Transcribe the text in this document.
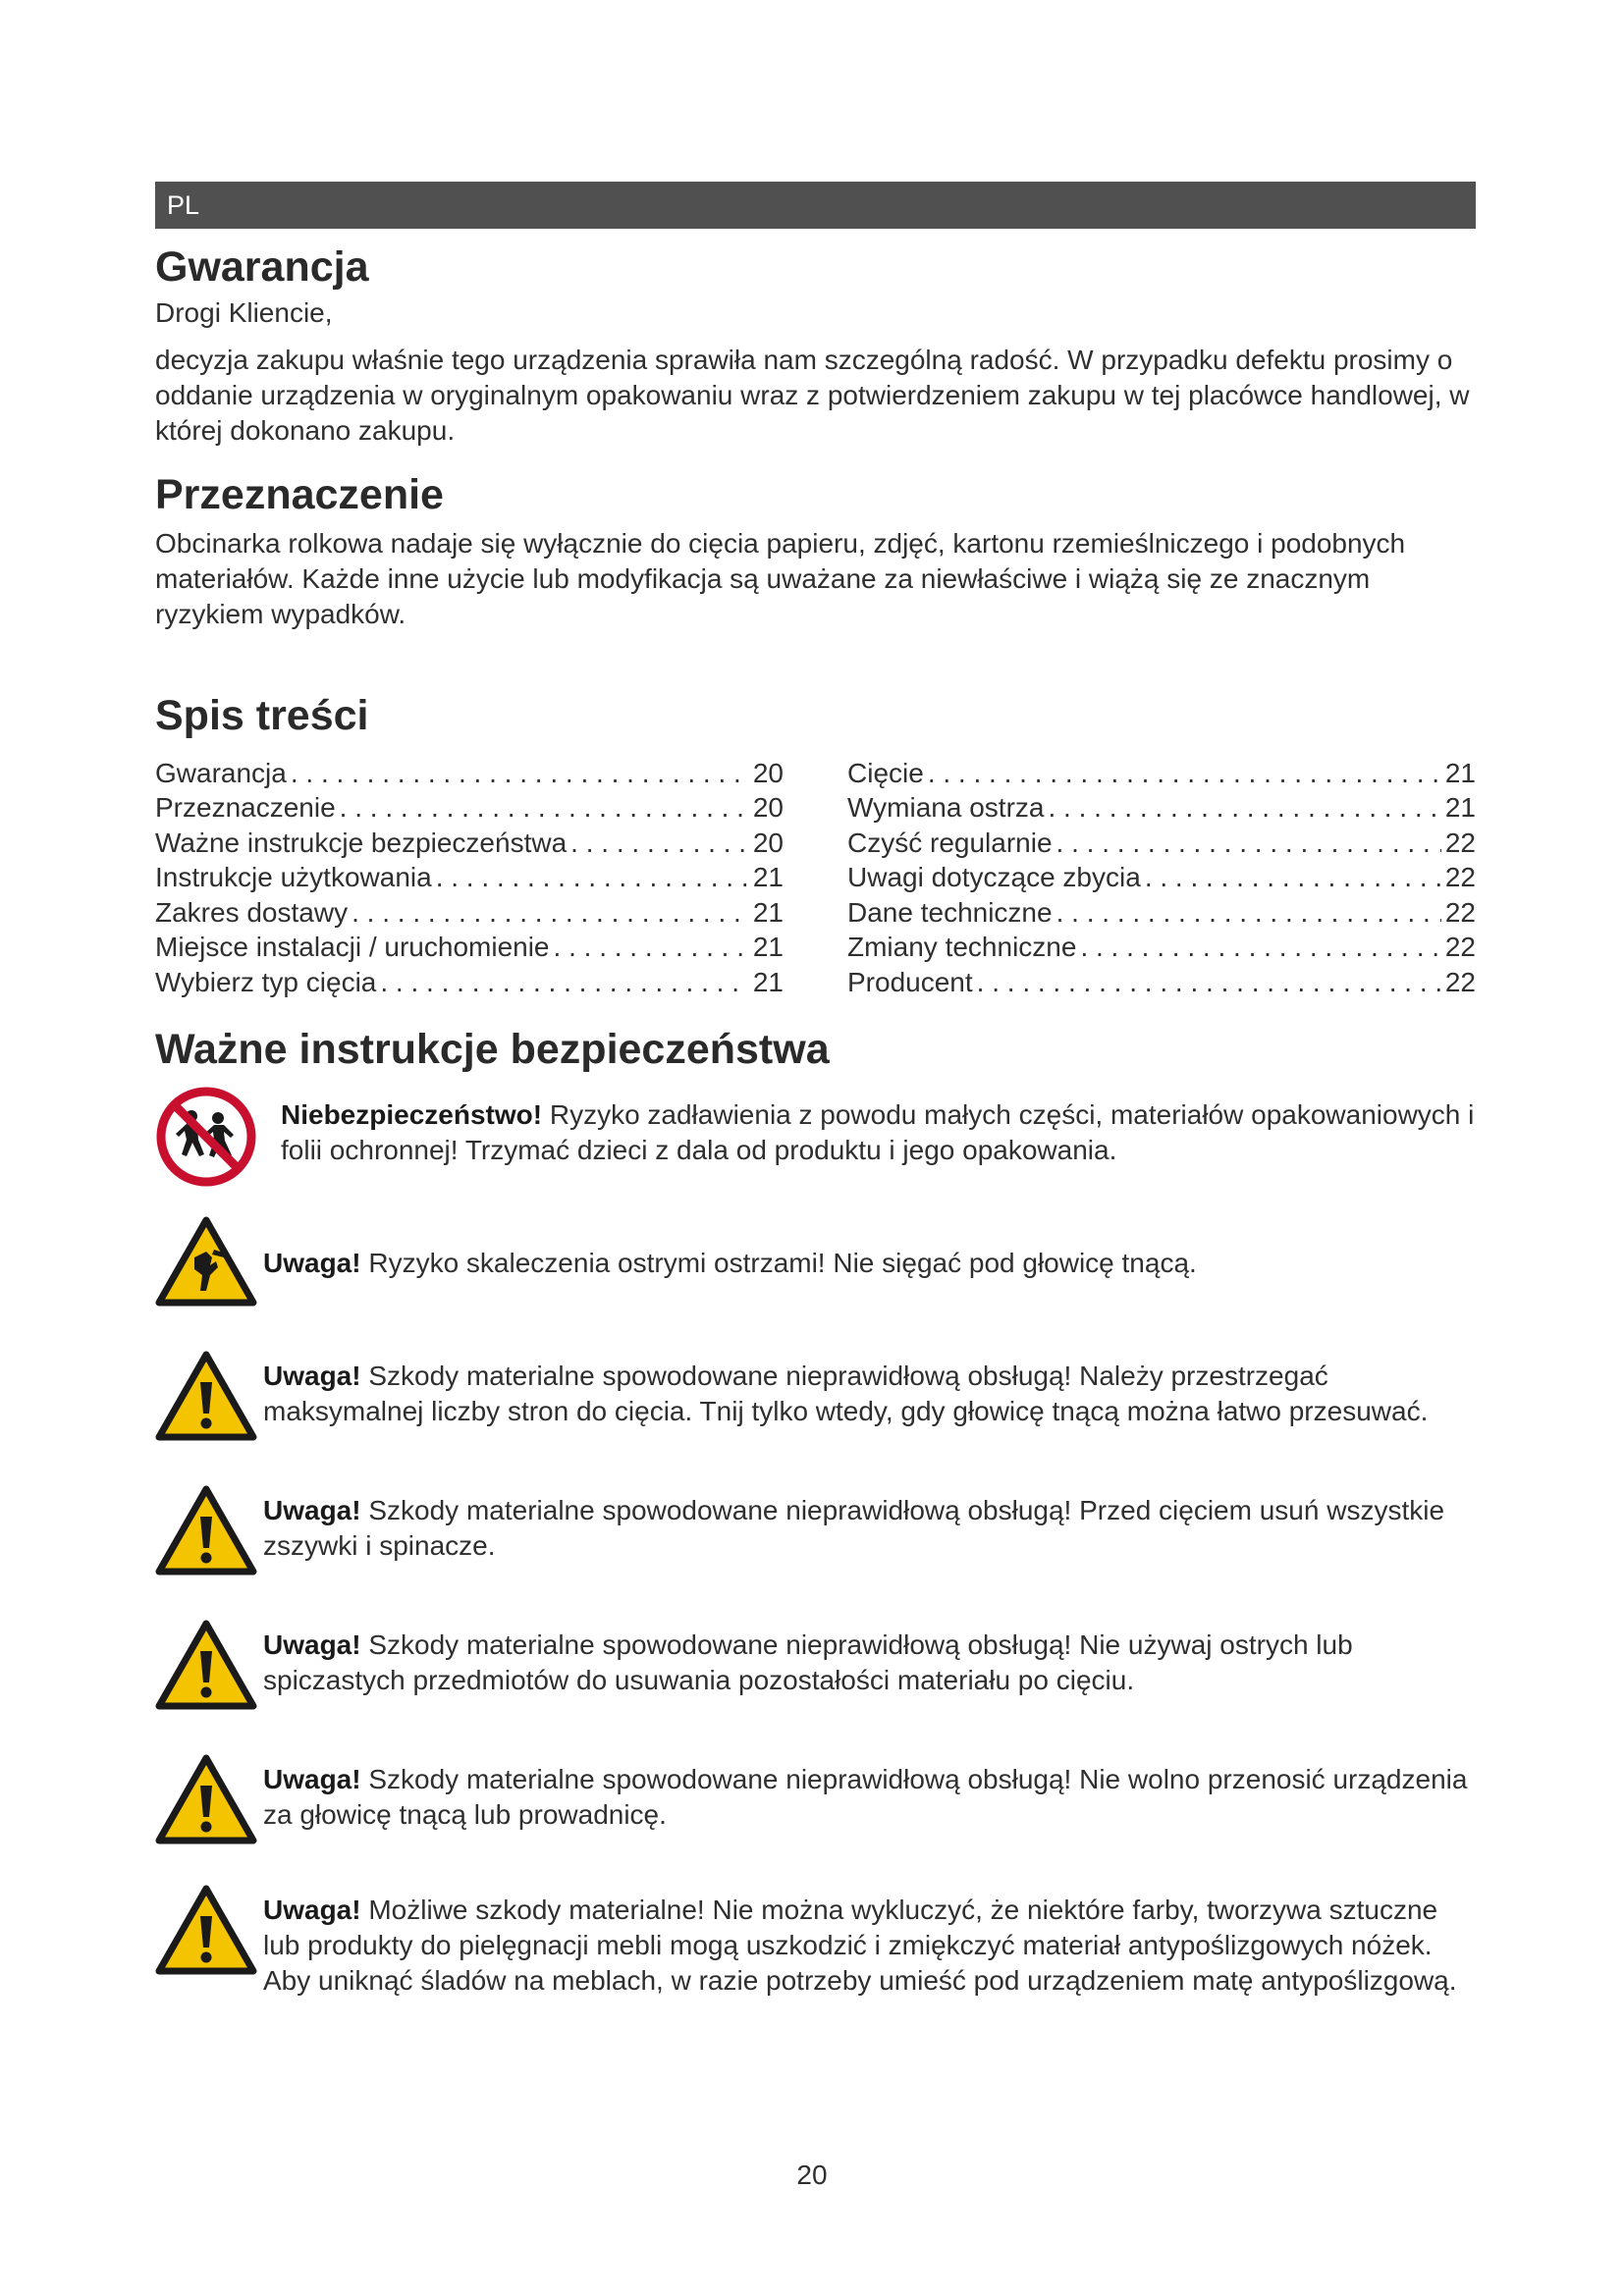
PL
Gwarancja

Drogi Kliencie,

decyzja zakupu właśnie tego urządzenia sprawiła nam szczególną radość. W przypadku defektu prosimy o oddanie urządzenia w oryginalnym opakowaniu wraz z potwierdzeniem zakupu w tej placówce handlowej, w której dokonano zakupu.

Przeznaczenie

Obcinarka rolkowa nadaje się wyłącznie do cięcia papieru, zdjęć, kartonu rzemieślniczego i podobnych materiałów. Każde inne użycie lub modyfikacja są uważane za niewłaściwe i wiążą się ze znacznym ryzykiem wypadków.

Spis treści
Gwarancja . . .	20
Przeznaczenie . . .	20
Ważne instrukcje bezpieczeństwa . . .	20
Instrukcje użytkowania . . .	21
Zakres dostawy . . .	21
Miejsce instalacji / uruchomienie . . .	21
Wybierz typ cięcia . . .	21
Cięcie . . .	21
Wymiana ostrza . . .	21
Czyść regularnie . . .	22
Uwagi dotyczące zbycia . . .	22
Dane techniczne . . .	22
Zmiany techniczne . . .	22
Producent . . .	22
Ważne instrukcje bezpieczeństwa
Niebezpieczeństwo! Ryzyko zadławienia z powodu małych części, materiałów opakowaniowych i folii ochronnej! Trzymać dzieci z dala od produktu i jego opakowania.
Uwaga! Ryzyko skaleczenia ostrymi ostrzami! Nie sięgać pod głowicę tnącą.
Uwaga! Szkody materialne spowodowane nieprawidłową obsługą! Należy przestrzegać maksymalnej liczby stron do cięcia. Tnij tylko wtedy, gdy głowicę tnącą można łatwo przesuwać.
Uwaga! Szkody materialne spowodowane nieprawidłową obsługą! Przed cięciem usuń wszystkie zszywki i spinacze.
Uwaga! Szkody materialne spowodowane nieprawidłową obsługą! Nie używaj ostrych lub spiczastych przedmiotów do usuwania pozostałości materiału po cięciu.
Uwaga! Szkody materialne spowodowane nieprawidłową obsługą! Nie wolno przenosić urządzenia za głowicę tnącą lub prowadnicę.
Uwaga! Możliwe szkody materialne! Nie można wykluczyć, że niektóre farby, tworzywa sztuczne lub produkty do pielęgnacji mebli mogą uszkodzić i zmiękczyć materiał antypoślizgowych nóżek. Aby uniknąć śladów na meblach, w razie potrzeby umieść pod urządzeniem matę antypoślizgową.
20
